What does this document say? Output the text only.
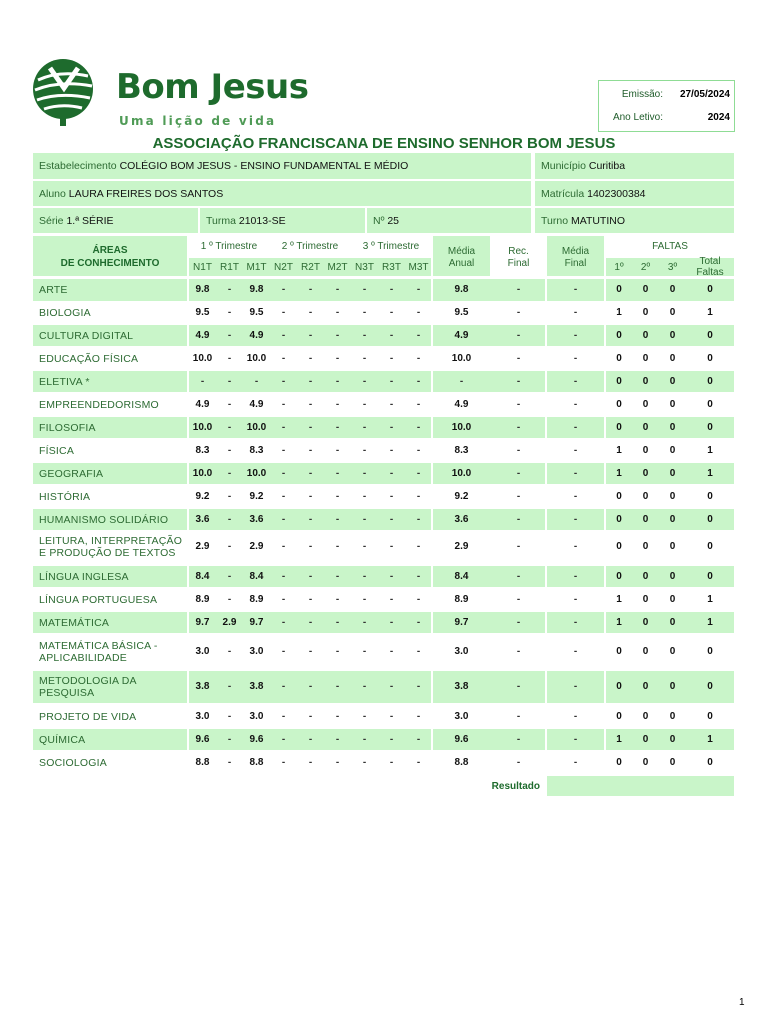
Bom Jesus
Uma lição de vida
Emissão: 27/05/2024
Ano Letivo:	2024
ASSOCIAÇÃO FRANCISCANA DE ENSINO SENHOR BOM JESUS
Estabelecimento COLÉGIO BOM JESUS - ENSINO FUNDAMENTAL E MÉDIO	Município Curitiba
Aluno LAURA FREIRES DOS SANTOS	Matrícula 1402300384
Série 1.ª SÉRIE	Turma 21013-SE	Nº 25	Turno MATUTINO
ÁREAS
DE CONHECIMENTO
1 º Trimestre	2 º Trimestre	3 º Trimestre
N1T R1T M1T N2T R2T M2T N3T R3T M3T
Média
Anual
Rec.
Final
Média
Final
FALTAS
1º	2º	3º
Total
Faltas
ARTE	9.8	-	9.8	-	-	-	-	-	-	9.8	-	-	0	0	0	0
BIOLOGIA	9.5	-	9.5	-	-	-	-	-	-	9.5	-	-	1	0	0	1
CULTURA DIGITAL	4.9	-	4.9	-	-	-	-	-	-	4.9	-	-	0	0	0	0
EDUCAÇÃO FÍSICA	10.0	-	10.0	-	-	-	-	-	-	10.0	-	-	0	0	0	0
ELETIVA *	-	-	-	-	-	-	-	-	-	-	-	-	0	0	0	0
EMPREENDEDORISMO	4.9	-	4.9	-	-	-	-	-	-	4.9	-	-	0	0	0	0
FILOSOFIA	10.0	-	10.0	-	-	-	-	-	-	10.0	-	-	0	0	0	0
FÍSICA	8.3	-	8.3	-	-	-	-	-	-	8.3	-	-	1	0	0	1
GEOGRAFIA	10.0	-	10.0	-	-	-	-	-	-	10.0	-	-	1	0	0	1
HISTÓRIA	9.2	-	9.2	-	-	-	-	-	-	9.2	-	-	0	0	0	0
HUMANISMO SOLIDÁRIO	3.6	-	3.6	-	-	-	-	-	-	3.6	-	-	0	0	0	0
LEITURA, INTERPRETAÇÃO
E PRODUÇÃO DE TEXTOS
2.9	-	2.9	-	-	-	-	-	-	2.9	-	-	0	0	0	0
LÍNGUA INGLESA	8.4	-	8.4	-	-	-	-	-	-	8.4	-	-	0	0	0	0
LÍNGUA PORTUGUESA	8.9	-	8.9	-	-	-	-	-	-	8.9	-	-	1	0	0	1
MATEMÁTICA	9.7	2.9	9.7	-	-	-	-	-	-	9.7	-	-	1	0	0	1
MATEMÁTICA BÁSICA -
APLICABILIDADE
3.0	-	3.0	-	-	-	-	-	-	3.0	-	-	0	0	0	0
METODOLOGIA DA
PESQUISA
3.8	-	3.8	-	-	-	-	-	-	3.8	-	-	0	0	0	0
PROJETO DE VIDA	3.0	-	3.0	-	-	-	-	-	-	3.0	-	-	0	0	0	0
QUÍMICA	9.6	-	9.6	-	-	-	-	-	-	9.6	-	-	1	0	0	1
SOCIOLOGIA	8.8	-	8.8	-	-	-	-	-	-	8.8	-	-	0	0	0	0
Resultado
1
